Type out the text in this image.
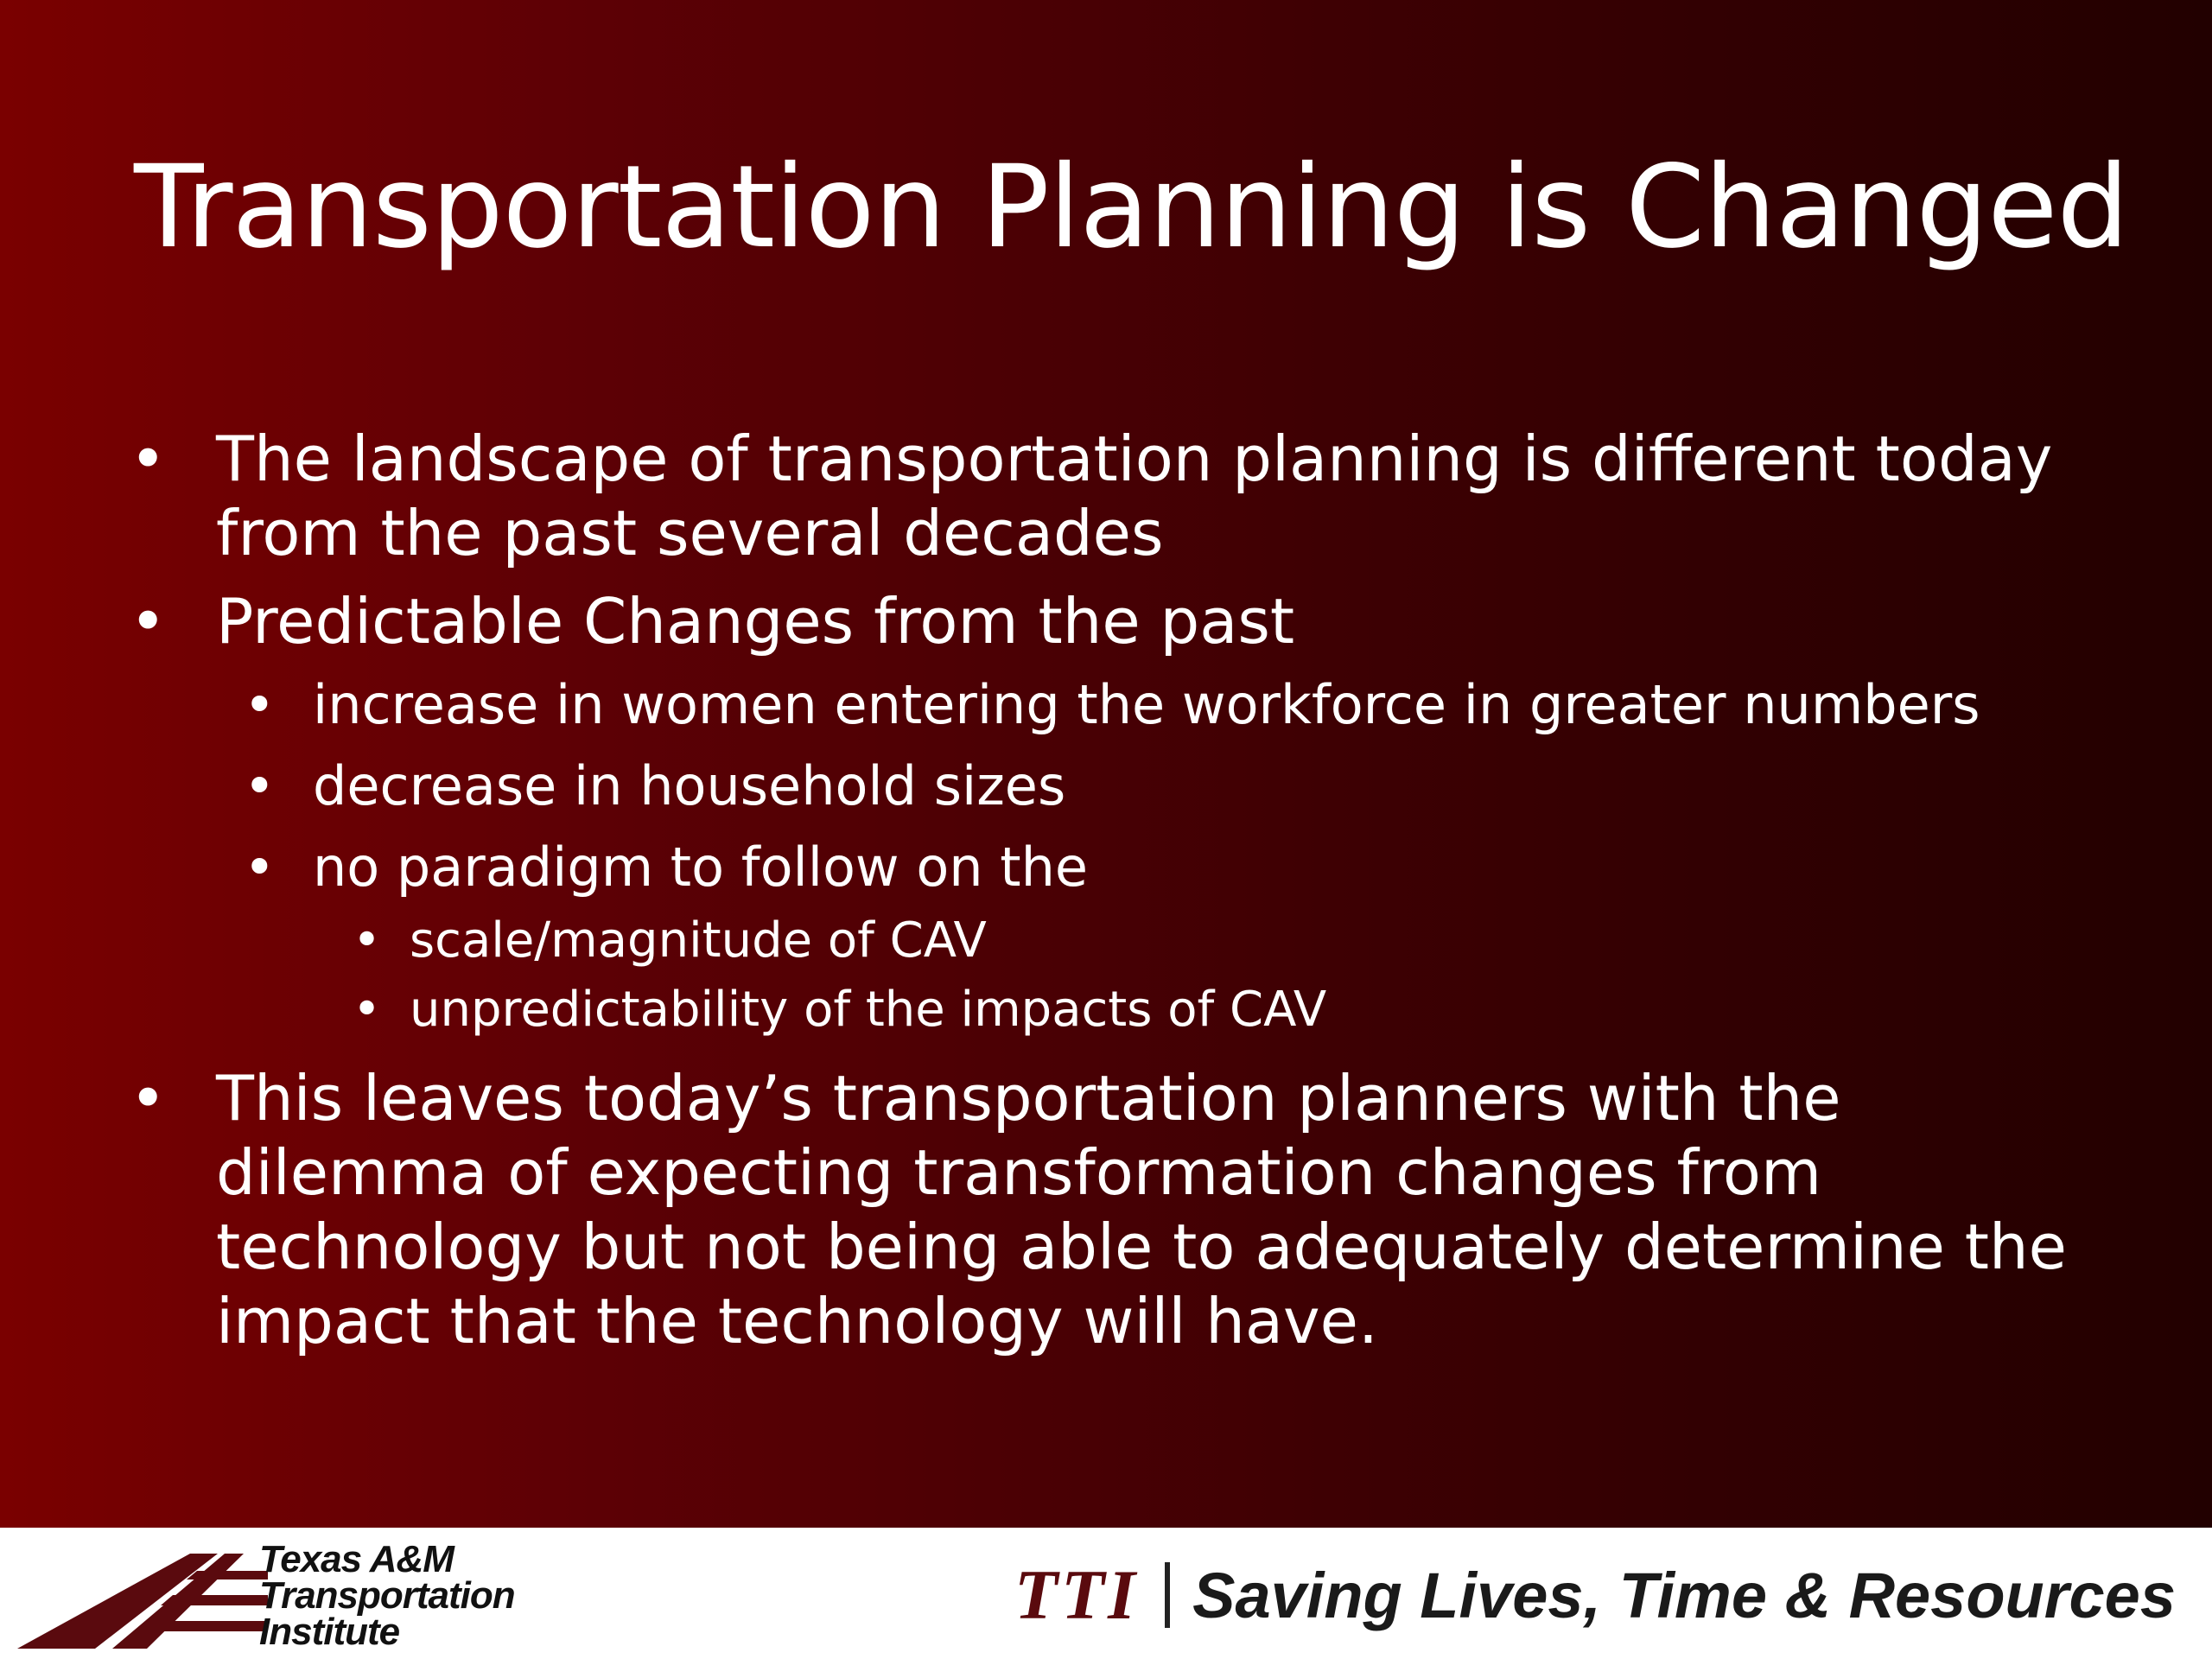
Transportation Planning is Changed

• The landscape of transportation planning is different today from the past several decades

• Predictable Changes from the past

• increase in women entering the workforce in greater numbers

• decrease in household sizes

• no paradigm to follow on the

• scale/magnitude of CAV

• unpredictability of the impacts of CAV

• This leaves today’s transportation planners with the dilemma of expecting transformation changes from technology but not being able to adequately determine the impact that the technology will have.

Texas A&M
Transportation
Institute	TTI Saving Lives, Time & Resources
